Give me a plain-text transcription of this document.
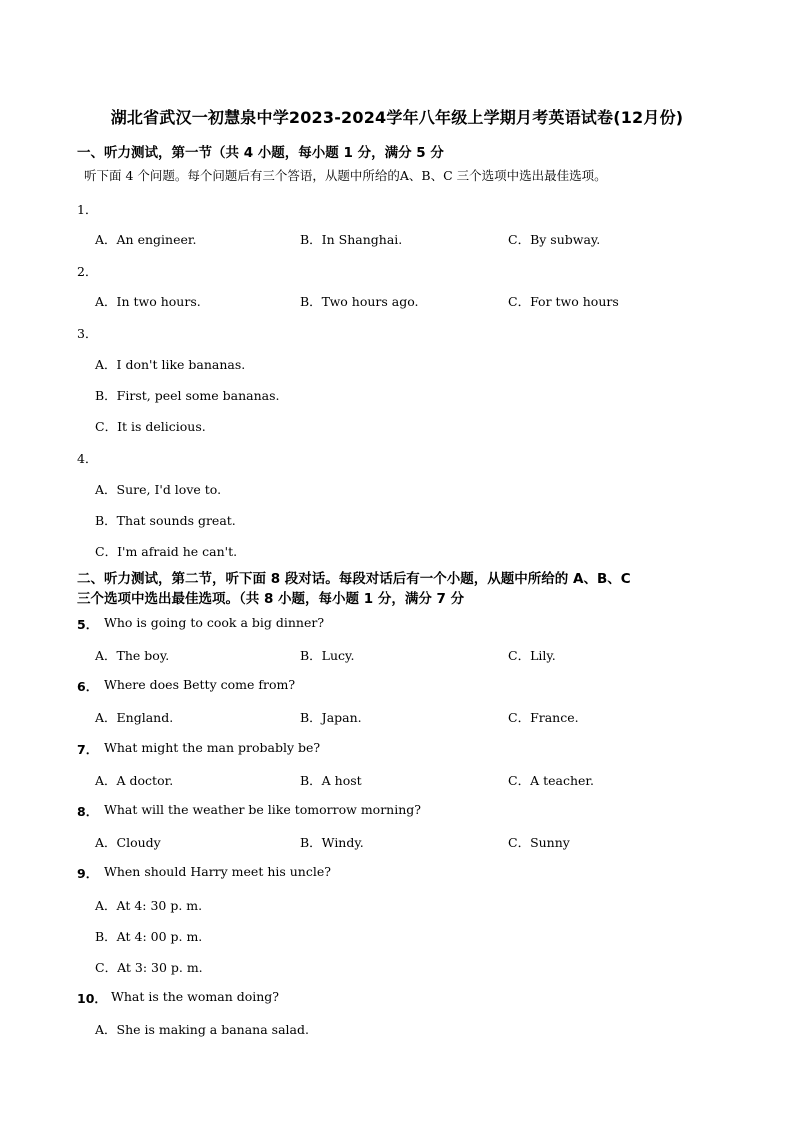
湖北省武汉一初慧泉中学2023-2024学年八年级上学期月考英语试卷(12月份)
一、听力测试，第一节（共 4 小题，每小题 1 分，满分 5 分
听下面 4 个问题。每个问题后有三个答语，从题中所给的A、B、C 三个选项中选出最佳选项。
1．
A．An engineer.	B．In Shanghai.	C．By subway.
2．
A．In two hours.	B．Two hours ago.	C．For two hours
3．
A．I don't like bananas.
B．First, peel some bananas.
C．It is delicious.
4．
A．Sure, I'd love to.
B．That sounds great.
C．I'm afraid he can't.
二、听力测试，第二节，听下面 8 段对话。每段对话后有一个小题，从题中所给的 A、B、C
三个选项中选出最佳选项。（共 8 小题，每小题 1 分，满分 7 分
5． Who is going to cook a big dinner?
A．The boy.	B．Lucy.	C．Lily.
6． Where does Betty come from?
A．England.	B．Japan.	C．France.
7． What might the man probably be?
A．A doctor.	B．A host	C．A teacher.
8． What will the weather be like tomorrow morning?
A．Cloudy	B．Windy.	C．Sunny
9． When should Harry meet his uncle?
A．At 4: 30 p. m.
B．At 4: 00 p. m.
C．At 3: 30 p. m.
10． What is the woman doing?
A．She is making a banana salad.
